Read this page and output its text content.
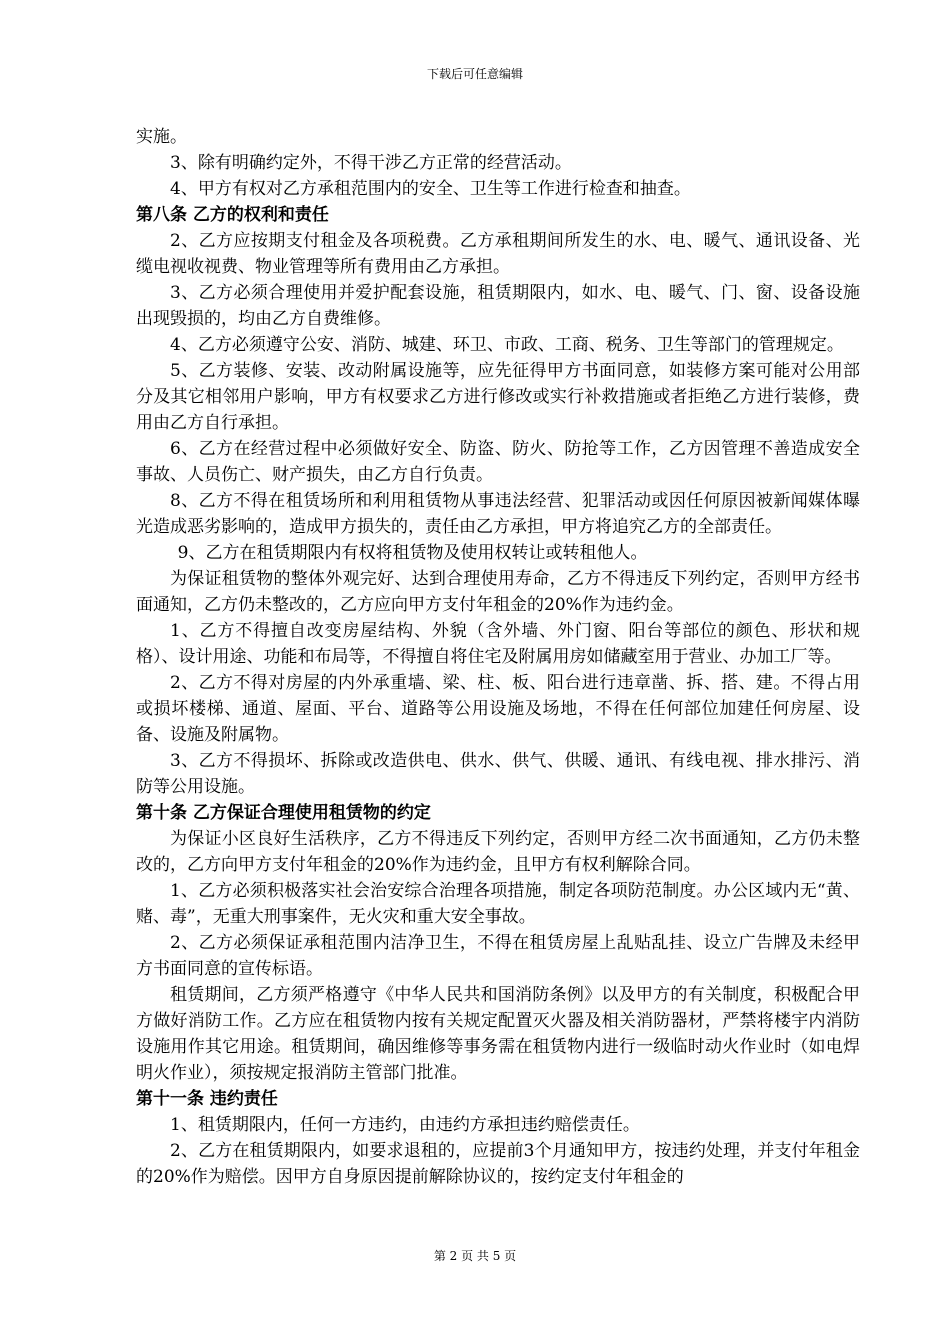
下载后可任意编辑

实施。

3、除有明确约定外，不得干涉乙方正常的经营活动。

4、甲方有权对乙方承租范围内的安全、卫生等工作进行检查和抽查。

第八条 乙方的权利和责任

2、乙方应按期支付租金及各项税费。乙方承租期间所发生的水、电、暖气、通讯设备、光缆电视收视费、物业管理等所有费用由乙方承担。

3、乙方必须合理使用并爱护配套设施，租赁期限内，如水、电、暖气、门、窗、设备设施出现毁损的，均由乙方自费维修。

4、乙方必须遵守公安、消防、城建、环卫、市政、工商、税务、卫生等部门的管理规定。

5、乙方装修、安装、改动附属设施等，应先征得甲方书面同意，如装修方案可能对公用部分及其它相邻用户影响，甲方有权要求乙方进行修改或实行补救措施或者拒绝乙方进行装修，费用由乙方自行承担。

6、乙方在经营过程中必须做好安全、防盗、防火、防抢等工作，乙方因管理不善造成安全事故、人员伤亡、财产损失，由乙方自行负责。

8、乙方不得在租赁场所和利用租赁物从事违法经营、犯罪活动或因任何原因被新闻媒体曝光造成恶劣影响的，造成甲方损失的，责任由乙方承担，甲方将追究乙方的全部责任。

9、乙方在租赁期限内有权将租赁物及使用权转让或转租他人。

为保证租赁物的整体外观完好、达到合理使用寿命，乙方不得违反下列约定，否则甲方经书面通知，乙方仍未整改的，乙方应向甲方支付年租金的20%作为违约金。

1、乙方不得擅自改变房屋结构、外貌（含外墙、外门窗、阳台等部位的颜色、形状和规格）、设计用途、功能和布局等，不得擅自将住宅及附属用房如储藏室用于营业、办加工厂等。

2、乙方不得对房屋的内外承重墙、梁、柱、板、阳台进行违章凿、拆、搭、建。不得占用或损坏楼梯、通道、屋面、平台、道路等公用设施及场地，不得在任何部位加建任何房屋、设备、设施及附属物。

3、乙方不得损坏、拆除或改造供电、供水、供气、供暖、通讯、有线电视、排水排污、消防等公用设施。

第十条 乙方保证合理使用租赁物的约定

为保证小区良好生活秩序，乙方不得违反下列约定，否则甲方经二次书面通知，乙方仍未整改的，乙方向甲方支付年租金的20%作为违约金，且甲方有权利解除合同。

1、乙方必须积极落实社会治安综合治理各项措施，制定各项防范制度。办公区域内无“黄、赌、毒”，无重大刑事案件，无火灾和重大安全事故。

2、乙方必须保证承租范围内洁净卫生，不得在租赁房屋上乱贴乱挂、设立广告牌及未经甲方书面同意的宣传标语。

租赁期间，乙方须严格遵守《中华人民共和国消防条例》以及甲方的有关制度，积极配合甲方做好消防工作。乙方应在租赁物内按有关规定配置灭火器及相关消防器材，严禁将楼宇内消防设施用作其它用途。租赁期间，确因维修等事务需在租赁物内进行一级临时动火作业时（如电焊明火作业），须按规定报消防主管部门批准。

第十一条 违约责任

1、租赁期限内，任何一方违约，由违约方承担违约赔偿责任。

2、乙方在租赁期限内，如要求退租的，应提前3个月通知甲方，按违约处理，并支付年租金的20%作为赔偿。因甲方自身原因提前解除协议的，按约定支付年租金的

第 2 页 共 5 页
